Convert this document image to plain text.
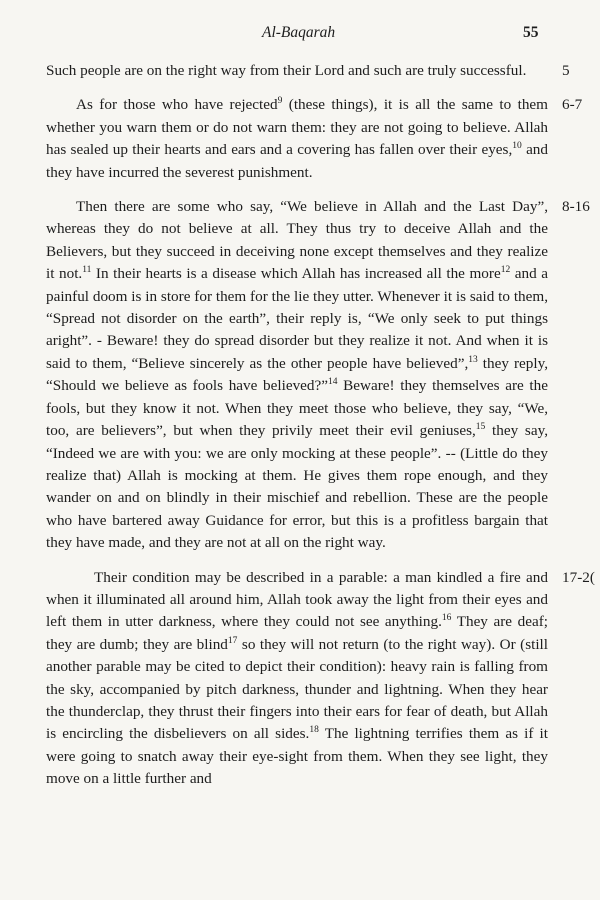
Al-Baqarah	55

Such people are on the right way from their Lord and such are truly successful. 5

As for those who have rejected$^9$ (these things), it is all the same to them whether you warn them or do not warn them: they are not going to believe. Allah has sealed up their hearts and ears and a covering has fallen over their eyes,$^{10}$ and they have incurred the severest punishment.
6-7

Then there are some who say, “We believe in Allah and the Last Day”, whereas they do not believe at all. They thus try to deceive Allah and the Believers, but they succeed in deceiving none except themselves and they realize it not.$^{11}$ In their hearts is a disease which Allah has increased all the more$^{12}$ and a painful doom is in store for them for the lie they utter. Whenever it is said to them, “Spread not disorder on the earth”, their reply is, “We only seek to put things aright”. - Beware! they do spread disorder but they realize it not. And when it is said to them, “Believe sincerely as the other people have believed”,$^{13}$ they reply, “Should we believe as fools have believed?”$^{14}$ Beware! they themselves are the fools, but they know it not. When they meet those who believe, they say, “We, too, are believers”, but when they privily meet their evil geniuses,$^{15}$ they say, “Indeed we are with you: we are only mocking at these people”. -- (Little do they realize that) Allah is mocking at them. He gives them rope enough, and they wander on and on blindly in their mischief and rebellion. These are the people who have bartered away Guidance for error, but this is a profitless bargain that they have made, and they are not at all on the right way.
8-16

Their condition may be described in a parable: a man kindled a fire and when it illuminated all around him, Allah took away the light from their eyes and left them in utter darkness, where they could not see anything.$^{16}$ They are deaf; they are dumb; they are blind$^{17}$ so they will not return (to the right way). Or (still another parable may be cited to depict their condition): heavy rain is falling from the sky, accompanied by pitch darkness, thunder and lightning. When they hear the thunderclap, they thrust their fingers into their ears for fear of death, but Allah is encircling the disbelievers on all sides.$^{18}$ The lightning terrifies them as if it were going to snatch away their eye-sight from them. When they see light, they move on a little further and
17-2(
